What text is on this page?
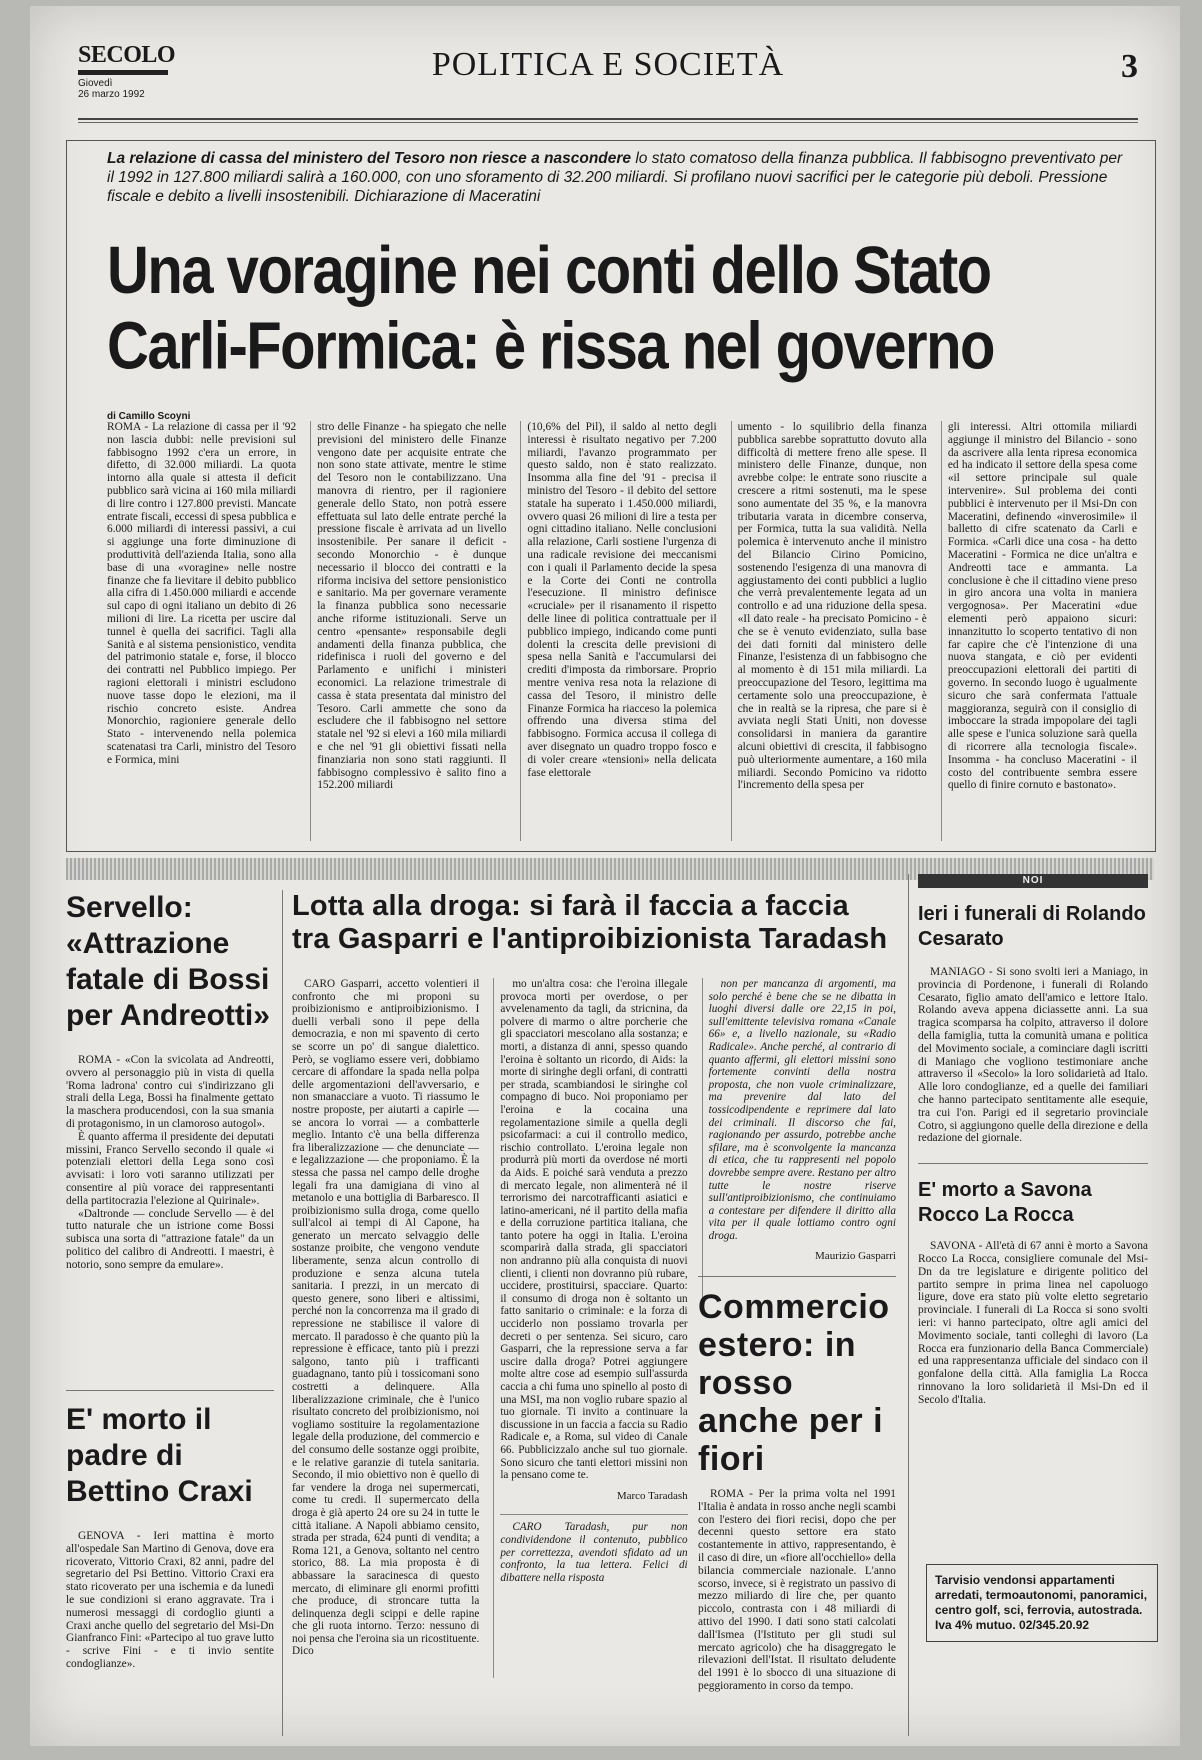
SECOLO
Giovedì
26 marzo 1992
POLITICA E SOCIETÀ	3
La relazione di cassa del ministero del Tesoro non riesce a nascondere lo stato comatoso della finanza pubblica. Il fabbisogno preventivato per il 1992 in 127.800 miliardi salirà a 160.000, con uno sforamento di 32.200 miliardi. Si profilano nuovi sacrifici per le categorie più deboli. Pressione fiscale e debito a livelli insostenibili. Dichiarazione di Maceratini
Una voragine nei conti dello Stato
Carli-Formica: è rissa nel governo
di Camillo Scoyni
ROMA - La relazione di cassa per il '92 non lascia dubbi: nelle previsioni sul fabbisogno 1992 c'era un errore, in difetto, di 32.000 miliardi. La quota intorno alla quale si attesta il deficit pubblico sarà vicina ai 160 mila miliardi di lire contro i 127.800 previsti. Mancate entrate fiscali, eccessi di spesa pubblica e 6.000 miliardi di interessi passivi, a cui si aggiunge una forte diminuzione di produttività dell'azienda Italia, sono alla base di una «voragine» nelle nostre finanze che fa lievitare il debito pubblico alla cifra di 1.450.000 miliardi e accende sul capo di ogni italiano un debito di 26 milioni di lire. La ricetta per uscire dal tunnel è quella dei sacrifici. Tagli alla Sanità e al sistema pensionistico, vendita del patrimonio statale e, forse, il blocco dei contratti nel Pubblico impiego. Per ragioni elettorali i ministri escludono nuove tasse dopo le elezioni, ma il rischio concreto esiste. Andrea Monorchio, ragioniere generale dello Stato - intervenendo nella polemica scatenatasi tra Carli, ministro del Tesoro e Formica, mini
stro delle Finanze - ha spiegato che nelle previsioni del ministero delle Finanze vengono date per acquisite entrate che non sono state attivate, mentre le stime del Tesoro non le contabilizzano. Una manovra di rientro, per il ragioniere generale dello Stato, non potrà essere effettuata sul lato delle entrate perché la pressione fiscale è arrivata ad un livello insostenibile. Per sanare il deficit - secondo Monorchio - è dunque necessario il blocco dei contratti e la riforma incisiva del settore pensionistico e sanitario. Ma per governare veramente la finanza pubblica sono necessarie anche riforme istituzionali. Serve un centro «pensante» responsabile degli andamenti della finanza pubblica, che ridefinisca i ruoli del governo e del Parlamento e unifichi i ministeri economici. La relazione trimestrale di cassa è stata presentata dal ministro del Tesoro. Carli ammette che sono da escludere che il fabbisogno nel settore statale nel '92 si elevi a 160 mila miliardi e che nel '91 gli obiettivi fissati nella finanziaria non sono stati raggiunti. Il fabbisogno complessivo è salito fino a 152.200 miliardi
(10,6% del Pil), il saldo al netto degli interessi è risultato negativo per 7.200 miliardi, l'avanzo programmato per questo saldo, non è stato realizzato. Insomma alla fine del '91 - precisa il ministro del Tesoro - il debito del settore statale ha superato i 1.450.000 miliardi, ovvero quasi 26 milioni di lire a testa per ogni cittadino italiano. Nelle conclusioni alla relazione, Carli sostiene l'urgenza di una radicale revisione dei meccanismi con i quali il Parlamento decide la spesa e la Corte dei Conti ne controlla l'esecuzione. Il ministro definisce «cruciale» per il risanamento il rispetto delle linee di politica contrattuale per il pubblico impiego, indicando come punti dolenti la crescita delle previsioni di spesa nella Sanità e l'accumularsi dei crediti d'imposta da rimborsare. Proprio mentre veniva resa nota la relazione di cassa del Tesoro, il ministro delle Finanze Formica ha riacceso la polemica offrendo una diversa stima del fabbisogno. Formica accusa il collega di aver disegnato un quadro troppo fosco e di voler creare «tensioni» nella delicata fase elettorale
umento - lo squilibrio della finanza pubblica sarebbe soprattutto dovuto alla difficoltà di mettere freno alle spese. Il ministero delle Finanze, dunque, non avrebbe colpe: le entrate sono riuscite a crescere a ritmi sostenuti, ma le spese sono aumentate del 35 %, e la manovra tributaria varata in dicembre conserva, per Formica, tutta la sua validità. Nella polemica è intervenuto anche il ministro del Bilancio Cirino Pomicino, sostenendo l'esigenza di una manovra di aggiustamento dei conti pubblici a luglio che verrà prevalentemente legata ad un controllo e ad una riduzione della spesa. «Il dato reale - ha precisato Pomicino - è che se è venuto evidenziato, sulla base dei dati forniti dal ministero delle Finanze, l'esistenza di un fabbisogno che al momento è di 151 mila miliardi. La preoccupazione del Tesoro, legittima ma certamente solo una preoccupazione, è che in realtà se la ripresa, che pare si è avviata negli Stati Uniti, non dovesse consolidarsi in maniera da garantire alcuni obiettivi di crescita, il fabbisogno può ulteriormente aumentare, a 160 mila miliardi. Secondo Pomicino va ridotto l'incremento della spesa per
gli interessi. Altri ottomila miliardi aggiunge il ministro del Bilancio - sono da ascrivere alla lenta ripresa economica ed ha indicato il settore della spesa come «il settore principale sul quale intervenire». Sul problema dei conti pubblici è intervenuto per il Msi-Dn con Maceratini, definendo «inverosimile» il balletto di cifre scatenato da Carli e Formica. «Carli dice una cosa - ha detto Maceratini - Formica ne dice un'altra e Andreotti tace e ammanta. La conclusione è che il cittadino viene preso in giro ancora una volta in maniera vergognosa». Per Maceratini «due elementi però appaiono sicuri: innanzitutto lo scoperto tentativo di non far capire che c'è l'intenzione di una nuova stangata, e ciò per evidenti preoccupazioni elettorali dei partiti di governo. In secondo luogo è ugualmente sicuro che sarà confermata l'attuale maggioranza, seguirà con il consiglio di imboccare la strada impopolare dei tagli alle spese e l'unica soluzione sarà quella di ricorrere alla tecnologia fiscale». Insomma - ha concluso Maceratini - il costo del contribuente sembra essere quello di finire cornuto e bastonato».
Servello: «Attrazione fatale di Bossi per Andreotti»

ROMA - «Con la svicolata ad Andreotti, ovvero al personaggio più in vista di quella 'Roma ladrona' contro cui s'indirizzano gli strali della Lega, Bossi ha finalmente gettato la maschera producendosi, con la sua smania di protagonismo, in un clamoroso autogol».

È quanto afferma il presidente dei deputati missini, Franco Servello secondo il quale «i potenziali elettori della Lega sono così avvisati: i loro voti saranno utilizzati per consentire al più vorace dei rappresentanti della partitocrazia l'elezione al Quirinale».

«Daltronde — conclude Servello — è del tutto naturale che un istrione come Bossi subisca una sorta di "attrazione fatale" da un politico del calibro di Andreotti. I maestri, è notorio, sono sempre da emulare».

E' morto il padre di Bettino Craxi

GENOVA - Ieri mattina è morto all'ospedale San Martino di Genova, dove era ricoverato, Vittorio Craxi, 82 anni, padre del segretario del Psi Bettino. Vittorio Craxi era stato ricoverato per una ischemia e da lunedì le sue condizioni si erano aggravate. Tra i numerosi messaggi di cordoglio giunti a Craxi anche quello del segretario del Msi-Dn Gianfranco Fini: «Partecipo al tuo grave lutto - scrive Fini - e ti invio sentite condoglianze».

Lotta alla droga: si farà il faccia a faccia
tra Gasparri e l'antiproibizionista Taradash

CARO Gasparri, accetto volentieri il confronto che mi proponi su proibizionismo e antiproibizionismo. I duelli verbali sono il pepe della democrazia, e non mi spavento di certo se scorre un po' di sangue dialettico. Però, se vogliamo essere veri, dobbiamo cercare di affondare la spada nella polpa delle argomentazioni dell'avversario, e non smanacciare a vuoto. Ti riassumo le nostre proposte, per aiutarti a capirle — se ancora lo vorrai — a combatterle meglio. Intanto c'è una bella differenza fra liberalizzazione — che denunciate — e legalizzazione — che proponiamo. È la stessa che passa nel campo delle droghe legali fra una damigiana di vino al metanolo e una bottiglia di Barbaresco. Il proibizionismo sulla droga, come quello sull'alcol ai tempi di Al Capone, ha generato un mercato selvaggio delle sostanze proibite, che vengono vendute liberamente, senza alcun controllo di produzione e senza alcuna tutela sanitaria. I prezzi, in un mercato di questo genere, sono liberi e altissimi, perché non la concorrenza ma il grado di repressione ne stabilisce il valore di mercato. Il paradosso è che quanto più la repressione è efficace, tanto più i prezzi salgono, tanto più i trafficanti guadagnano, tanto più i tossicomani sono costretti a delinquere. Alla liberalizzazione criminale, che è l'unico risultato concreto del proibizionismo, noi vogliamo sostituire la regolamentazione legale della produzione, del commercio e del consumo delle sostanze oggi proibite, e le relative garanzie di tutela sanitaria. Secondo, il mio obiettivo non è quello di far vendere la droga nei supermercati, come tu credi. Il supermercato della droga è già aperto 24 ore su 24 in tutte le città italiane. A Napoli abbiamo censito, strada per strada, 624 punti di vendita; a Roma 121, a Genova, soltanto nel centro storico, 88. La mia proposta è di abbassare la saracinesca di questo mercato, di eliminare gli enormi profitti che produce, di stroncare tutta la delinquenza degli scippi e delle rapine che gli ruota intorno. Terzo: nessuno di noi pensa che l'eroina sia un ricostituente. Dico

mo un'altra cosa: che l'eroina illegale provoca morti per overdose, o per avvelenamento da tagli, da stricnina, da polvere di marmo o altre porcherie che gli spacciatori mescolano alla sostanza; e morti, a distanza di anni, spesso quando l'eroina è soltanto un ricordo, di Aids: la morte di siringhe degli orfani, di contratti per strada, scambiandosi le siringhe col compagno di buco. Noi proponiamo per l'eroina e la cocaina una regolamentazione simile a quella degli psicofarmaci: a cui il controllo medico, rischio controllato. L'eroina legale non produrrà più morti da overdose né morti da Aids. E poiché sarà venduta a prezzo di mercato legale, non alimenterà né il terrorismo dei narcotrafficanti asiatici e latino-americani, né il partito della mafia e della corruzione partitica italiana, che tanto potere ha oggi in Italia. L'eroina scomparirà dalla strada, gli spacciatori non andranno più alla conquista di nuovi clienti, i clienti non dovranno più rubare, uccidere, prostituirsi, spacciare. Quarto: il consumo di droga non è soltanto un fatto sanitario o criminale: e la forza di ucciderlo non possiamo trovarla per decreti o per sentenza. Sei sicuro, caro Gasparri, che la repressione serva a far uscire dalla droga? Potrei aggiungere molte altre cose ad esempio sull'assurda caccia a chi fuma uno spinello al posto di una MSI, ma non voglio rubare spazio al tuo giornale. Ti invito a continuare la discussione in un faccia a faccia su Radio Radicale e, a Roma, sul video di Canale 66. Pubblicizzalo anche sul tuo giornale. Sono sicuro che tanti elettori missini non la pensano come te.

Marco Taradash

CARO Taradash, pur non condividendone il contenuto, pubblico per correttezza, avendoti sfidato ad un confronto, la tua lettera. Felici di dibattere nella risposta

non per mancanza di argomenti, ma solo perché è bene che se ne dibatta in luoghi diversi dalle ore 22,15 in poi, sull'emittente televisiva romana «Canale 66» e, a livello nazionale, su «Radio Radicale». Anche perché, al contrario di quanto affermi, gli elettori missini sono fortemente convinti della nostra proposta, che non vuole criminalizzare, ma prevenire dal lato del tossicodipendente e reprimere dal lato dei criminali. Il discorso che fai, ragionando per assurdo, potrebbe anche sfilare, ma è sconvolgente la mancanza di etica, che tu rappresenti nel popolo dovrebbe sempre avere. Restano per altro tutte le nostre riserve sull'antiproibizionismo, che continuiamo a contestare per difendere il diritto alla vita per il quale lottiamo contro ogni droga.

Maurizio Gasparri
Commercio estero: in rosso anche per i fiori

ROMA - Per la prima volta nel 1991 l'Italia è andata in rosso anche negli scambi con l'estero dei fiori recisi, dopo che per decenni questo settore era stato costantemente in attivo, rappresentando, è il caso di dire, un «fiore all'occhiello» della bilancia commerciale nazionale. L'anno scorso, invece, si è registrato un passivo di mezzo miliardo di lire che, per quanto piccolo, contrasta con i 48 miliardi di attivo del 1990. I dati sono stati calcolati dall'Ismea (l'Istituto per gli studi sul mercato agricolo) che ha disaggregato le rilevazioni dell'Istat. Il risultato deludente del 1991 è lo sbocco di una situazione di peggioramento in corso da tempo.

NOI
Ieri i funerali di Rolando Cesarato

MANIAGO - Si sono svolti ieri a Maniago, in provincia di Pordenone, i funerali di Rolando Cesarato, figlio amato dell'amico e lettore Italo. Rolando aveva appena diciassette anni. La sua tragica scomparsa ha colpito, attraverso il dolore della famiglia, tutta la comunità umana e politica del Movimento sociale, a cominciare dagli iscritti di Maniago che vogliono testimoniare anche attraverso il «Secolo» la loro solidarietà ad Italo. Alle loro condoglianze, ed a quelle dei familiari che hanno partecipato sentitamente alle esequie, tra cui l'on. Parigi ed il segretario provinciale Cotro, si aggiungono quelle della direzione e della redazione del giornale.

E' morto a Savona Rocco La Rocca

SAVONA - All'età di 67 anni è morto a Savona Rocco La Rocca, consigliere comunale del Msi-Dn da tre legislature e dirigente politico del partito sempre in prima linea nel capoluogo ligure, dove era stato più volte eletto segretario provinciale. I funerali di La Rocca si sono svolti ieri: vi hanno partecipato, oltre agli amici del Movimento sociale, tanti colleghi di lavoro (La Rocca era funzionario della Banca Commerciale) ed una rappresentanza ufficiale del sindaco con il gonfalone della città. Alla famiglia La Rocca rinnovano la loro solidarietà il Msi-Dn ed il Secolo d'Italia.

Tarvisio vendonsi appartamenti arredati, termoautonomi, panoramici, centro golf, sci, ferrovia, autostrada. Iva 4% mutuo. 02/345.20.92
